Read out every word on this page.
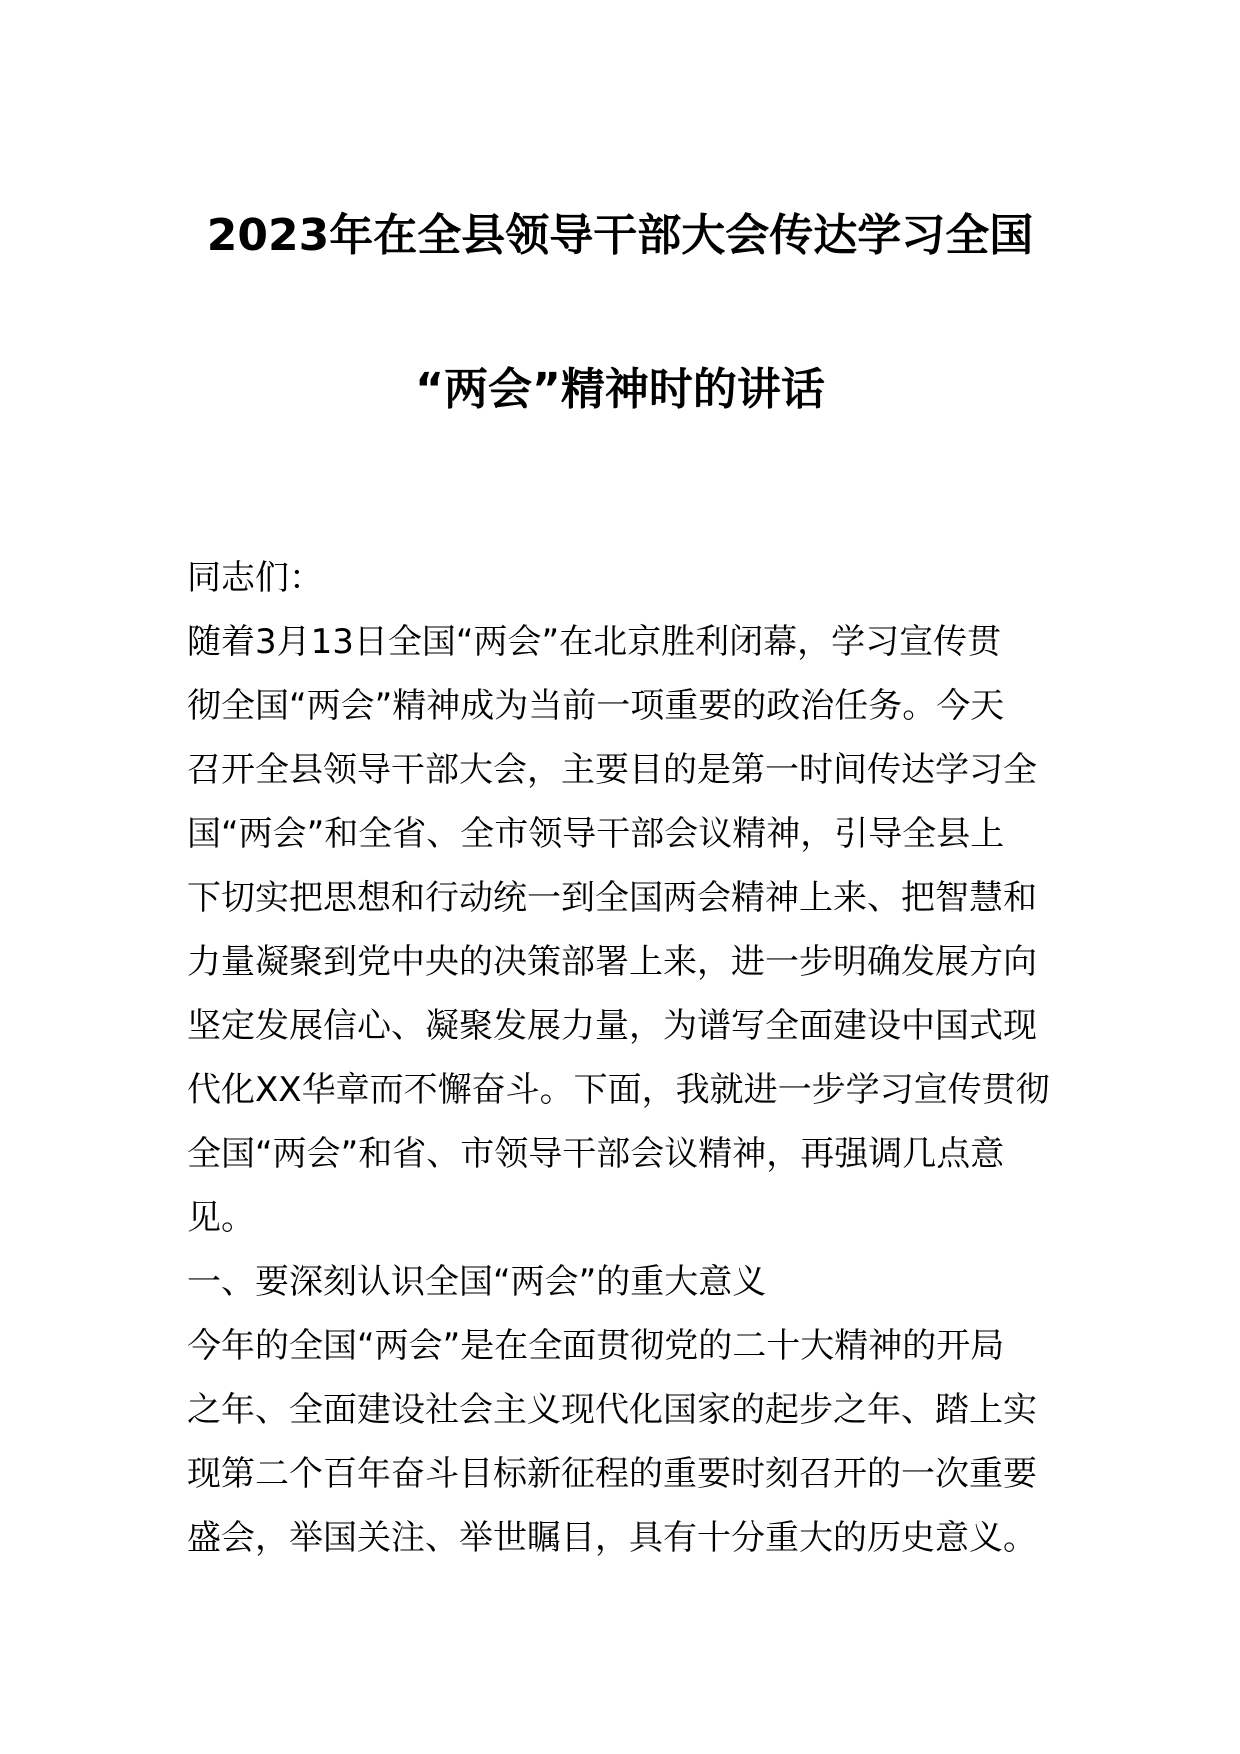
2023年在全县领导干部大会传达学习全国
“两会”精神时的讲话
同志们：
随着3月13日全国“两会”在北京胜利闭幕，学习宣传贯
彻全国“两会”精神成为当前一项重要的政治任务。今天
召开全县领导干部大会，主要目的是第一时间传达学习全
国“两会”和全省、全市领导干部会议精神，引导全县上
下切实把思想和行动统一到全国两会精神上来、把智慧和
力量凝聚到党中央的决策部署上来，进一步明确发展方向
坚定发展信心、凝聚发展力量，为谱写全面建设中国式现
代化XX华章而不懈奋斗。下面，我就进一步学习宣传贯彻
全国“两会”和省、市领导干部会议精神，再强调几点意
见。
一、要深刻认识全国“两会”的重大意义
今年的全国“两会”是在全面贯彻党的二十大精神的开局
之年、全面建设社会主义现代化国家的起步之年、踏上实
现第二个百年奋斗目标新征程的重要时刻召开的一次重要
盛会，举国关注、举世瞩目，具有十分重大的历史意义。
